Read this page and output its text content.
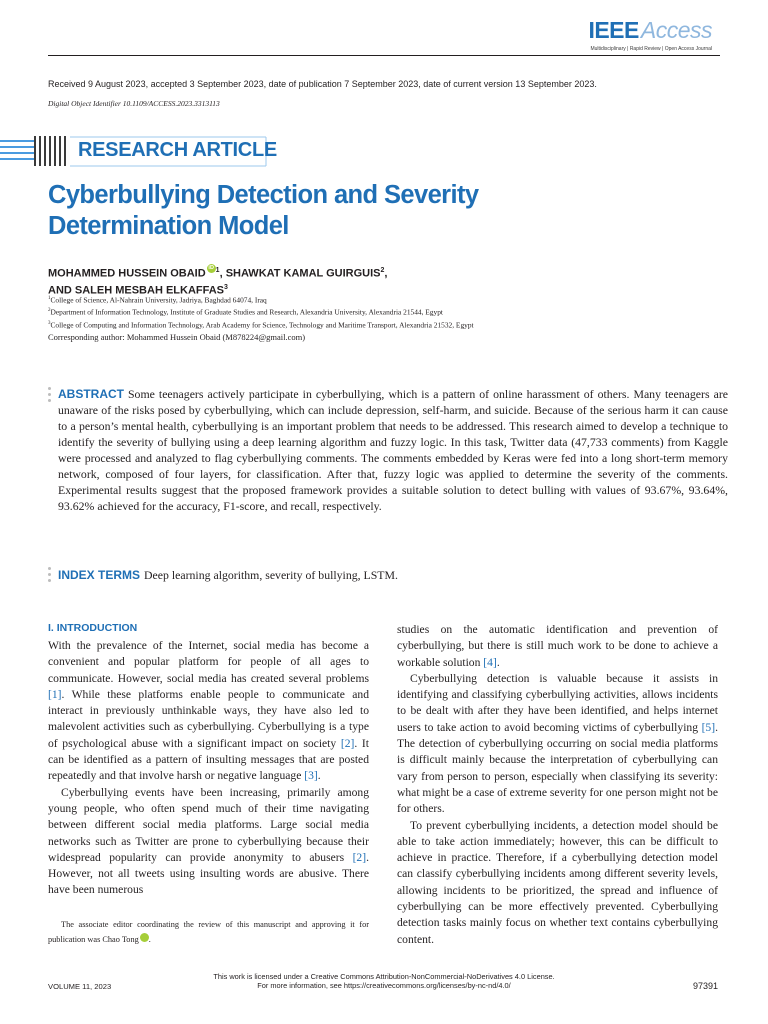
IEEEAccess
Multidisciplinary | Rapid Review | Open Access Journal
Received 9 August 2023, accepted 3 September 2023, date of publication 7 September 2023, date of current version 13 September 2023.
Digital Object Identifier 10.1109/ACCESS.2023.3313113
RESEARCH ARTICLE
Cyberbullying Detection and Severity Determination Model
MOHAMMED HUSSEIN OBAID iD $^1$, SHAWKAT KAMAL GUIRGUIS$^2$,
AND SALEH MESBAH ELKAFFAS$^3$
$^1$College of Science, Al-Nahrain University, Jadriya, Baghdad 64074, Iraq
$^2$Department of Information Technology, Institute of Graduate Studies and Research, Alexandria University, Alexandria 21544, Egypt
$^3$College of Computing and Information Technology, Arab Academy for Science, Technology and Maritime Transport, Alexandria 21532, Egypt
Corresponding author: Mohammed Hussein Obaid (M878224@gmail.com)
ABSTRACT Some teenagers actively participate in cyberbullying, which is a pattern of online harassment of others. Many teenagers are unaware of the risks posed by cyberbullying, which can include depression, self-harm, and suicide. Because of the serious harm it can cause to a person’s mental health, cyberbullying is an important problem that needs to be addressed. This research aimed to develop a technique to identify the severity of bullying using a deep learning algorithm and fuzzy logic. In this task, Twitter data (47,733 comments) from Kaggle were processed and analyzed to flag cyberbullying comments. The comments embedded by Keras were fed into a long short-term memory network, composed of four layers, for classification. After that, fuzzy logic was applied to determine the severity of the comments. Experimental results suggest that the proposed framework provides a suitable solution to detect bulling with values of 93.67%, 93.64%, 93.62% achieved for the accuracy, F1-score, and recall, respectively.
INDEX TERMS Deep learning algorithm, severity of bullying, LSTM.
I. INTRODUCTION

With the prevalence of the Internet, social media has become a convenient and popular platform for people of all ages to communicate. However, social media has created several problems [1]. While these platforms enable people to communicate and interact in previously unthinkable ways, they have also led to malevolent activities such as cyberbullying. Cyberbullying is a type of psychological abuse with a significant impact on society [2]. It can be identified as a pattern of insulting messages that are posted repeatedly and that involve harsh or negative language [3].

Cyberbullying events have been increasing, primarily among young people, who often spend much of their time navigating between different social media platforms. Large social media networks such as Twitter are prone to cyberbullying because their widespread popularity can provide anonymity to abusers [2]. However, not all tweets using insulting words are abusive. There have been numerous

The associate editor coordinating the review of this manuscript and approving it for publication was Chao Tong	iD.

studies on the automatic identification and prevention of cyberbullying, but there is still much work to be done to achieve a workable solution [4].

Cyberbullying detection is valuable because it assists in identifying and classifying cyberbullying activities, allows incidents to be dealt with after they have been identified, and helps internet users to take action to avoid becoming victims of cyberbullying [5]. The detection of cyberbullying occurring on social media platforms is difficult mainly because the interpretation of cyberbullying can vary from person to person, especially when classifying its severity: what might be a case of extreme severity for one person might not be for others.

To prevent cyberbullying incidents, a detection model should be able to take action immediately; however, this can be difficult to achieve in practice. Therefore, if a cyberbullying detection model can classify cyberbullying incidents among different severity levels, allowing incidents to be prioritized, the spread and influence of cyberbullying can be more effectively prevented. Cyberbullying detection tasks mainly focus on whether text contains cyberbullying content.

This work is licensed under a Creative Commons Attribution-NonCommercial-NoDerivatives 4.0 License.
For more information, see https://creativecommons.org/licenses/by-nc-nd/4.0/
VOLUME 11, 2023	97391
